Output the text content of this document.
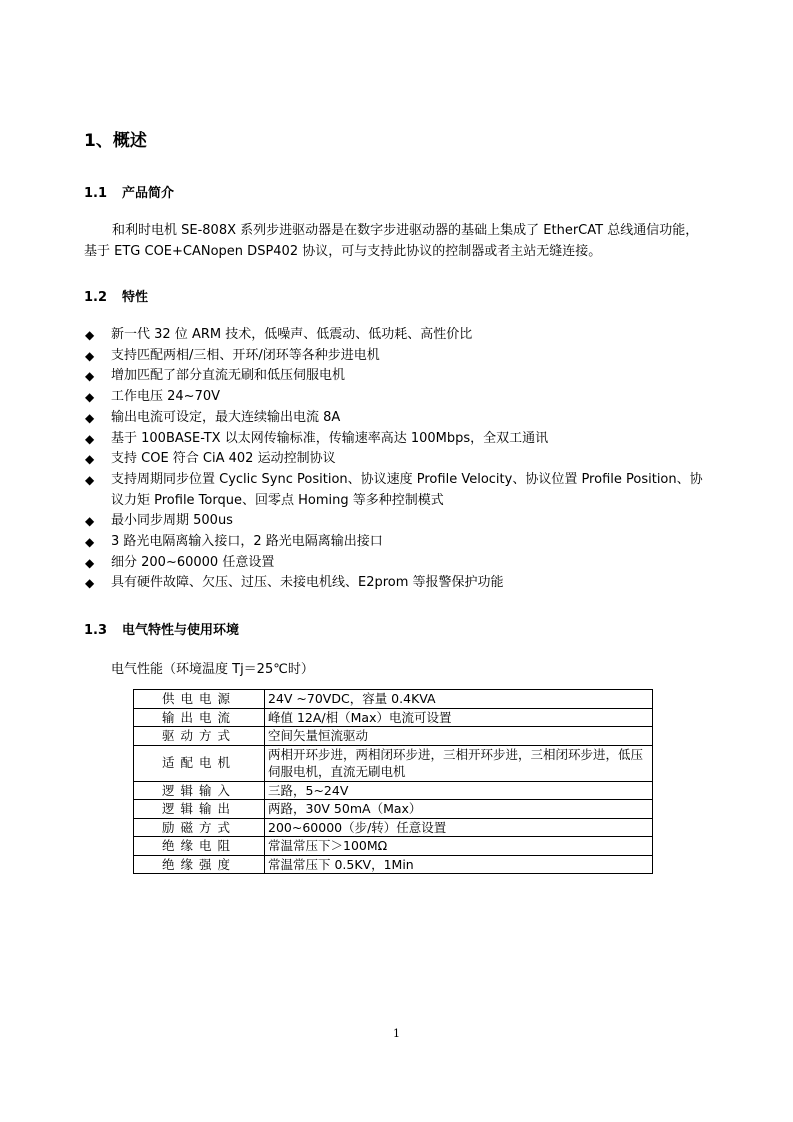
1、概述
1.1 产品简介

和利时电机 SE-808X 系列步进驱动器是在数字步进驱动器的基础上集成了 EtherCAT 总线通信功能，基于 ETG COE+CANopen DSP402 协议，可与支持此协议的控制器或者主站无缝连接。

1.2 特性
◆ 新一代 32 位 ARM 技术，低噪声、低震动、低功耗、高性价比
◆ 支持匹配两相/三相、开环/闭环等各种步进电机
◆ 增加匹配了部分直流无刷和低压伺服电机
◆ 工作电压 24~70V
◆ 输出电流可设定，最大连续输出电流 8A
◆ 基于 100BASE-TX 以太网传输标准，传输速率高达 100Mbps，全双工通讯
◆ 支持 COE 符合 CiA 402 运动控制协议
◆ 支持周期同步位置 Cyclic Sync Position、协议速度 Profile Velocity、协议位置 Profile Position、协议力矩 Profile Torque、回零点 Homing 等多种控制模式
◆ 最小同步周期 500us
◆ 3 路光电隔离输入接口，2 路光电隔离输出接口
◆ 细分 200~60000 任意设置
◆ 具有硬件故障、欠压、过压、未接电机线、E2prom 等报警保护功能
1.3 电气特性与使用环境
电气性能（环境温度 Tj＝25℃时）
供电电源	24V ~70VDC，容量 0.4KVA
输出电流	峰值 12A/相（Max）电流可设置
驱动方式	空间矢量恒流驱动
适配电机	两相开环步进，两相闭环步进，三相开环步进，三相闭环步进，低压伺服电机，直流无刷电机
逻辑输入	三路，5~24V
逻辑输出	两路，30V 50mA（Max）
励磁方式	200~60000（步/转）任意设置
绝缘电阻	常温常压下＞100MΩ
绝缘强度	常温常压下 0.5KV，1Min
1
